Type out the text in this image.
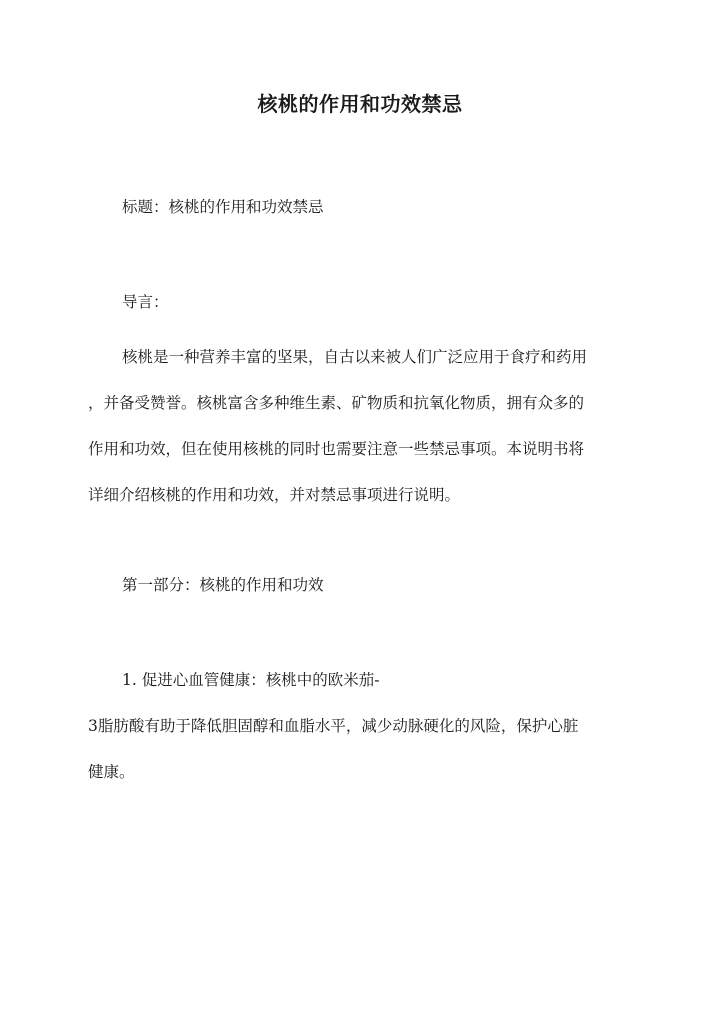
核桃的作用和功效禁忌

标题：核桃的作用和功效禁忌

导言：

核桃是一种营养丰富的坚果，自古以来被人们广泛应用于食疗和药用
，并备受赞誉。核桃富含多种维生素、矿物质和抗氧化物质，拥有众多的
作用和功效，但在使用核桃的同时也需要注意一些禁忌事项。本说明书将
详细介绍核桃的作用和功效，并对禁忌事项进行说明。

第一部分：核桃的作用和功效

1. 促进心血管健康：核桃中的欧米茄-
3脂肪酸有助于降低胆固醇和血脂水平，减少动脉硬化的风险，保护心脏
健康。
